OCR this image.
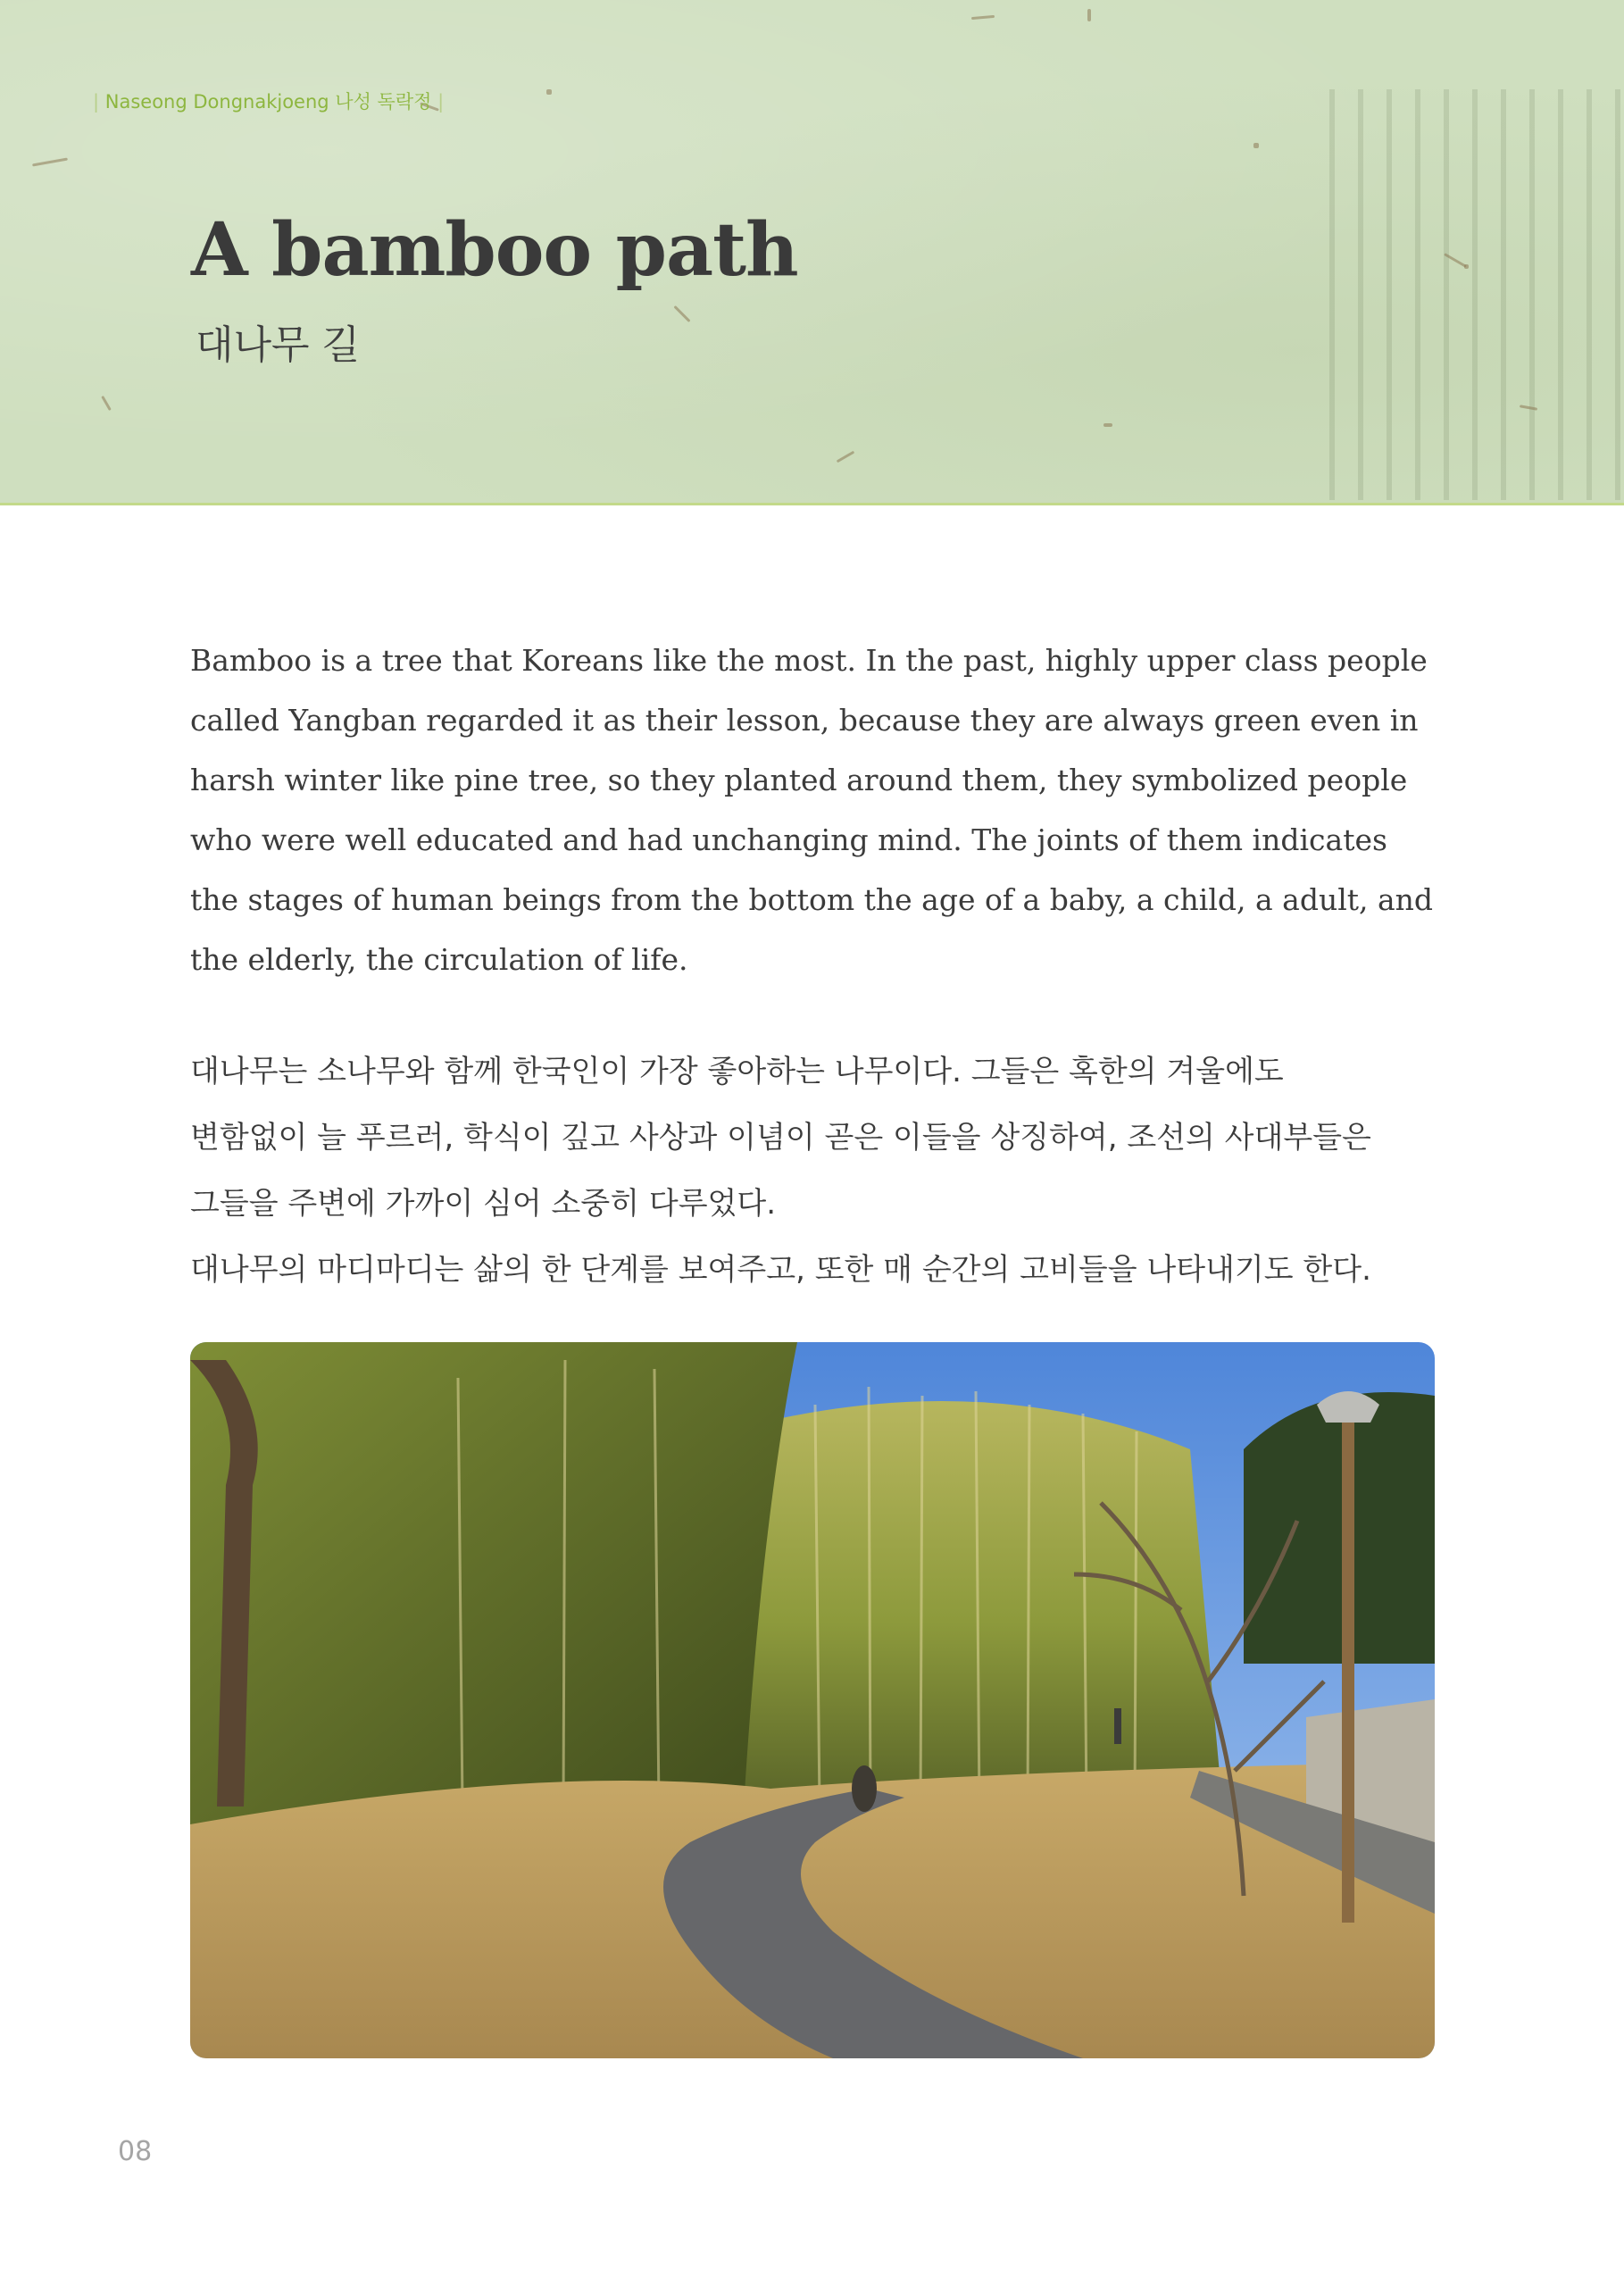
| Naseong Dongnakjoeng 나성 독락정 |
A bamboo path
대나무 길

Bamboo is a tree that Koreans like the most. In the past, highly upper class people
called Yangban regarded it as their lesson, because they are always green even in
harsh winter like pine tree, so they planted around them, they symbolized people
who were well educated and had unchanging mind. The joints of them indicates
the stages of human beings from the bottom the age of a baby, a child, a adult, and
the elderly, the circulation of life.

대나무는 소나무와 함께 한국인이 가장 좋아하는 나무이다. 그들은 혹한의 겨울에도

변함없이 늘 푸르러, 학식이 깊고 사상과 이념이 곧은 이들을 상징하여, 조선의 사대부들은

그들을 주변에 가까이 심어 소중히 다루었다.

대나무의 마디마디는 삶의 한 단계를 보여주고, 또한 매 순간의 고비들을 나타내기도 한다.

08
